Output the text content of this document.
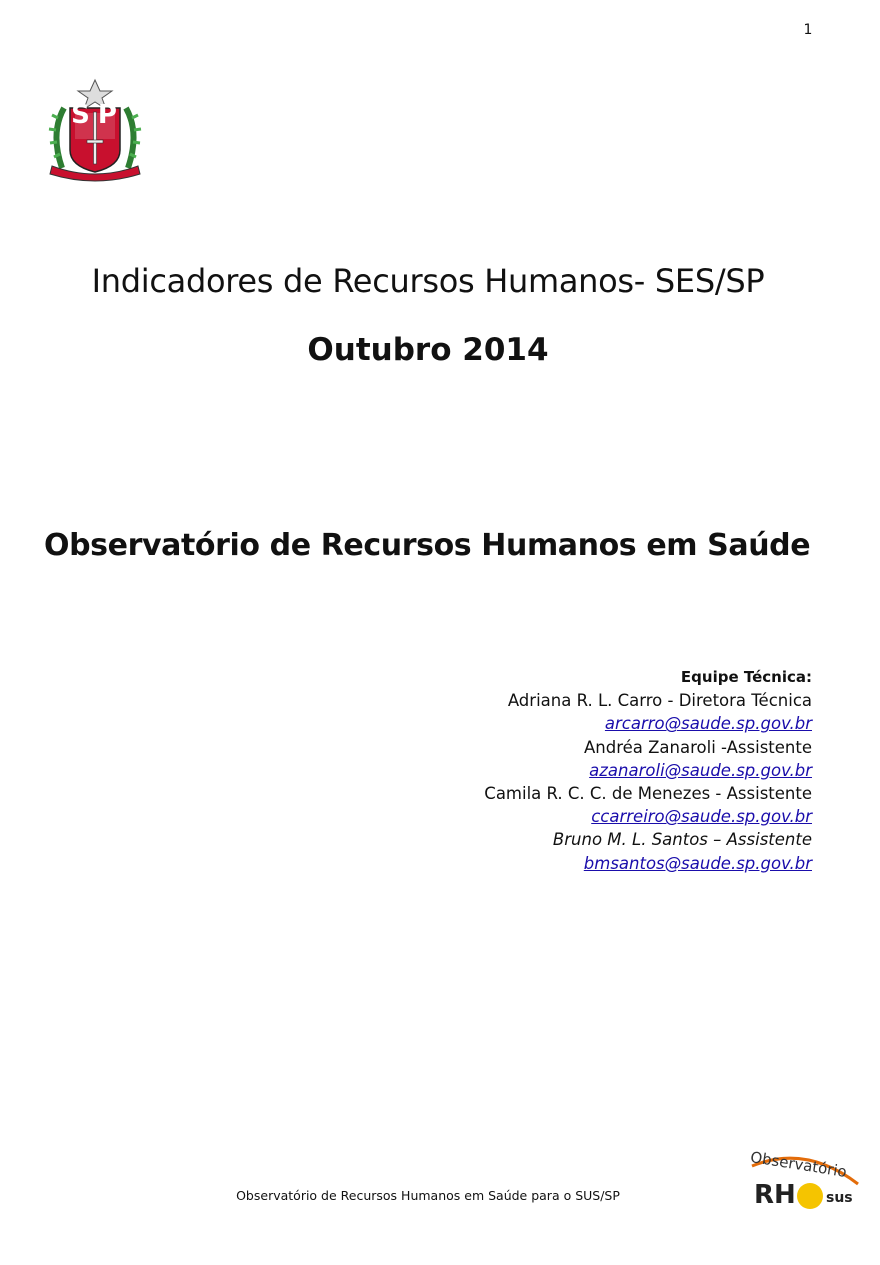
1
SP
Indicadores de Recursos Humanos- SES/SP
Outubro 2014
Observatório de Recursos Humanos em Saúde
Equipe Técnica:
Adriana R. L. Carro - Diretora Técnica
arcarro@saude.sp.gov.br
Andréa Zanaroli -Assistente
azanaroli@saude.sp.gov.br
Camila R. C. C. de Menezes - Assistente
ccarreiro@saude.sp.gov.br
Bruno M. L. Santos – Assistente
bmsantos@saude.sp.gov.br
Observatório de Recursos Humanos em Saúde para o SUS/SP
Observatório
RH sus
